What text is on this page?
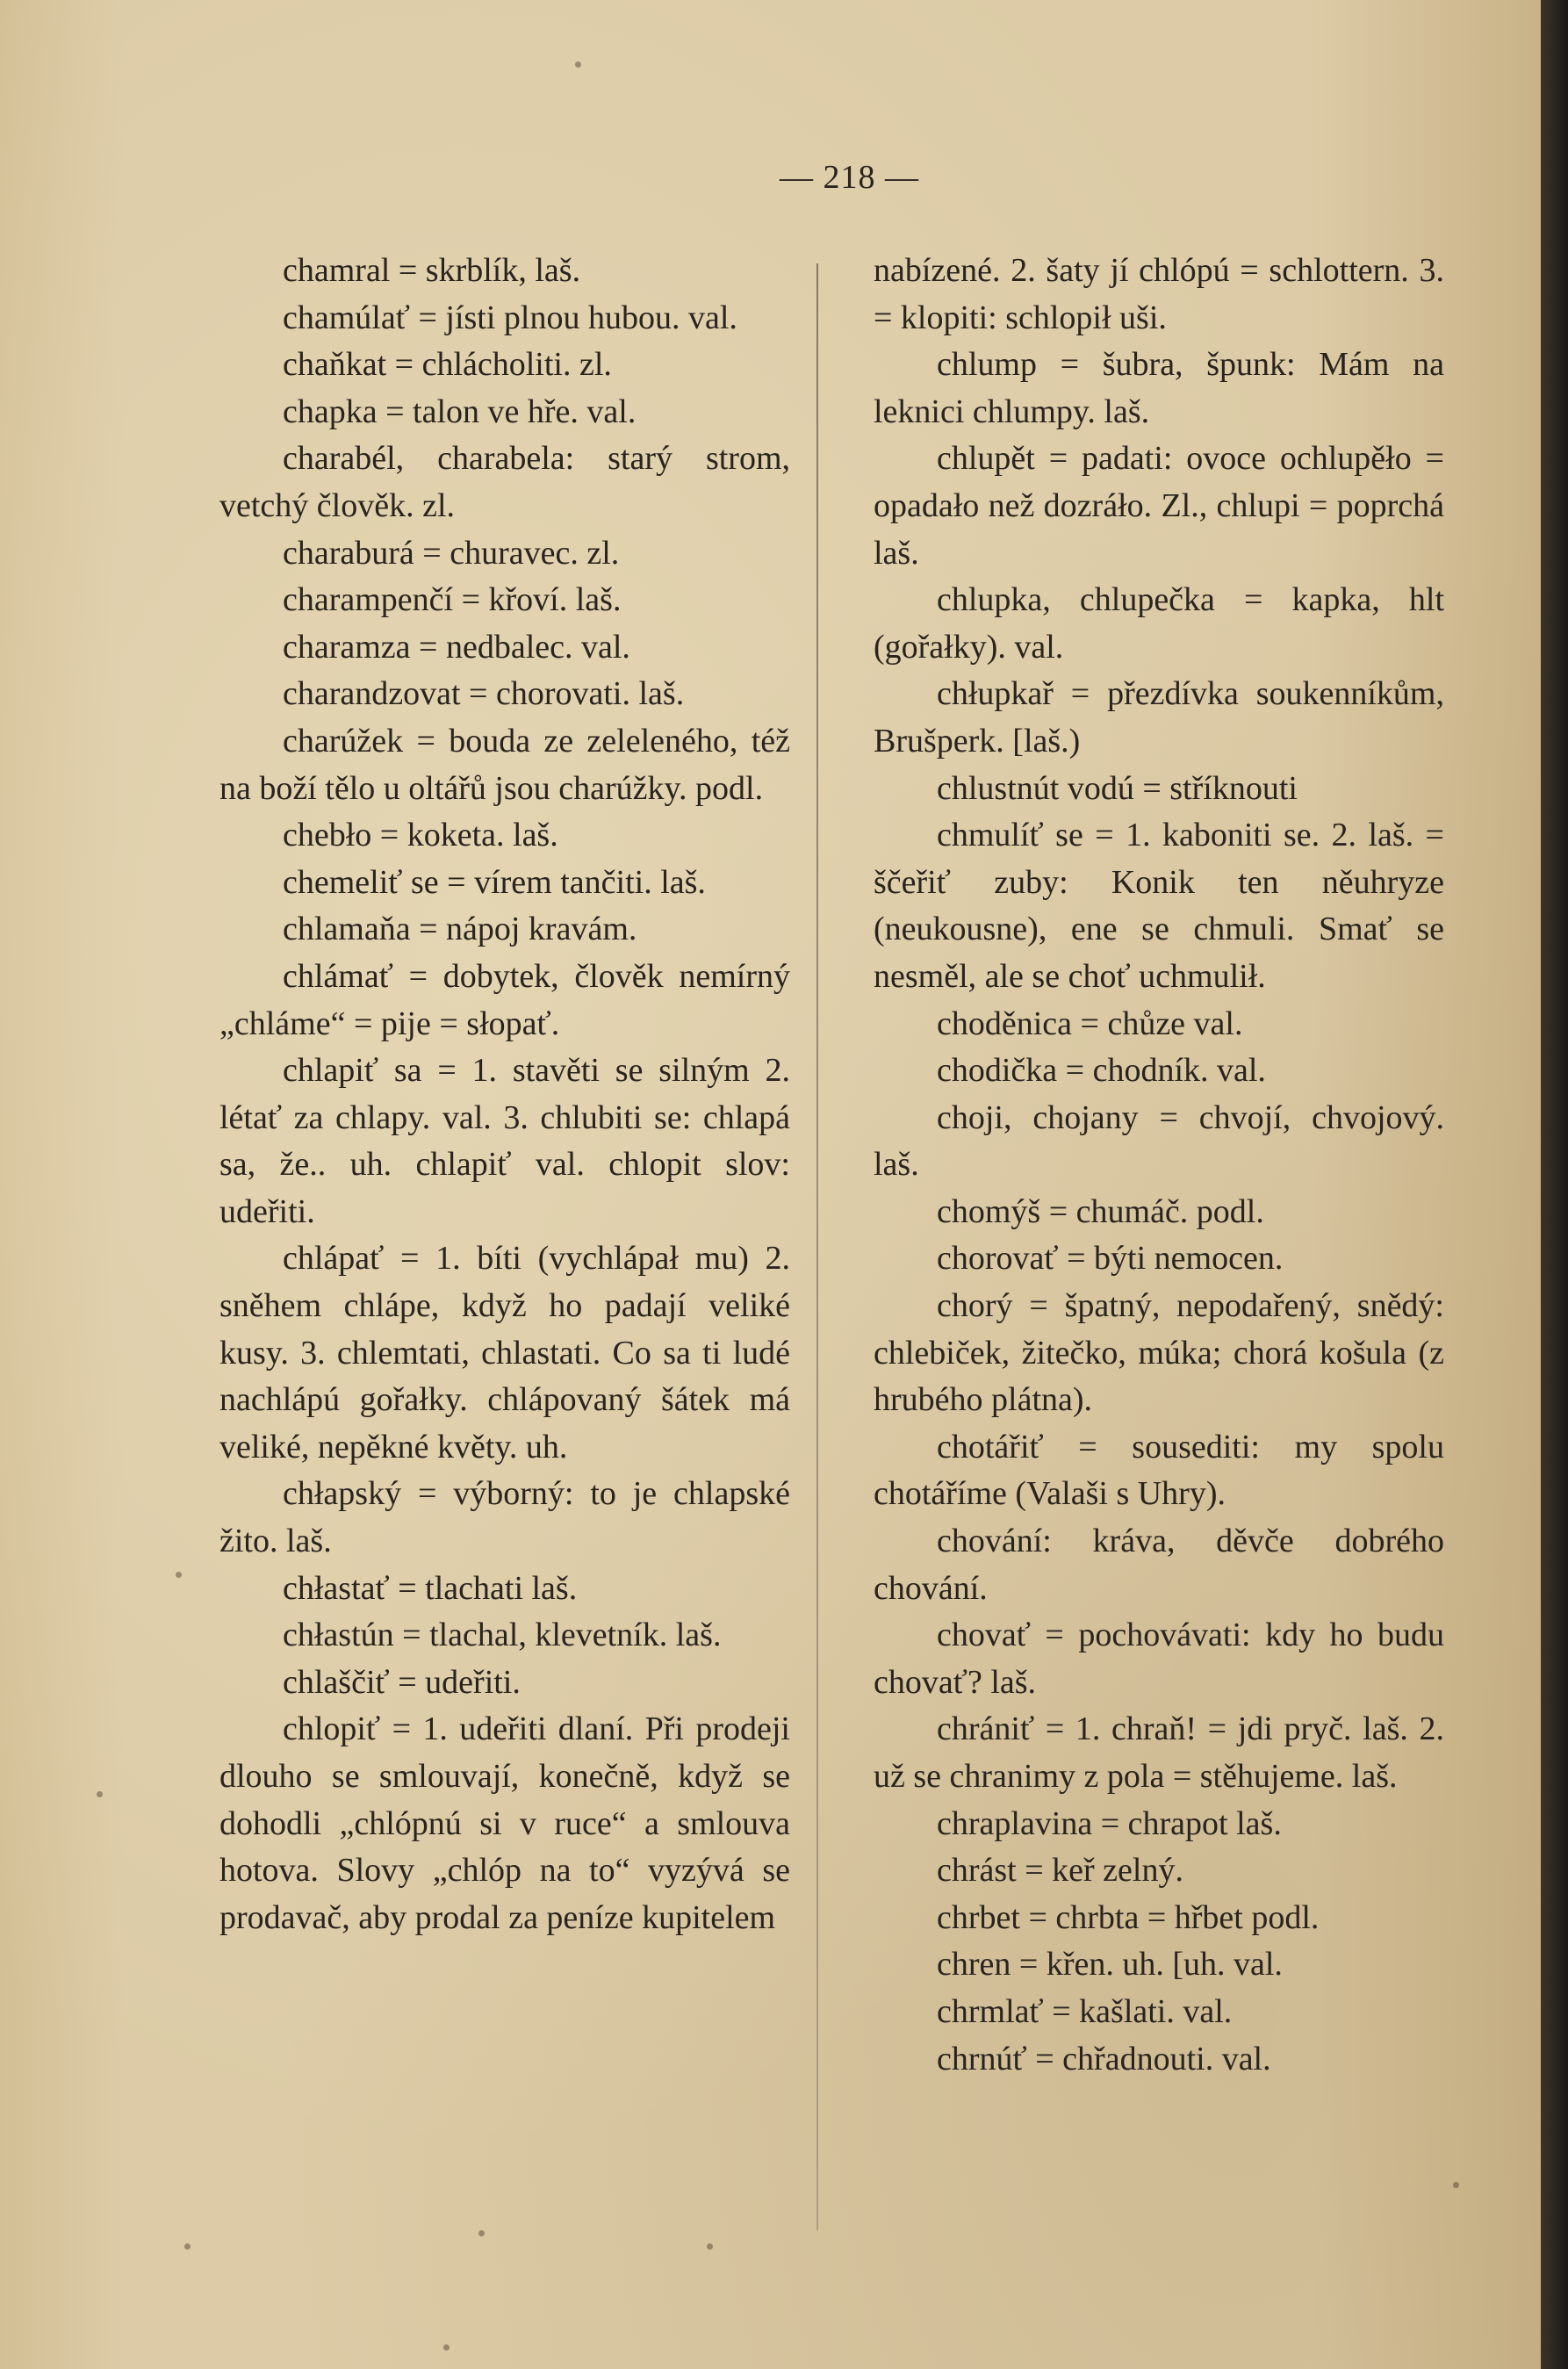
— 218 —

chamral = skrblík, laš.

chamúlať = jísti plnou hubou. val.

chaňkat = chlácholiti. zl.

chapka = talon ve hře. val.

charabél, charabela: starý strom, vetchý člověk. zl.

charaburá = churavec. zl.

charampenčí = křoví. laš.

charamza = nedbalec. val.

charandzovat = chorovati. laš.

charúžek = bouda ze zeleleného, též na boží tělo u oltářů jsou charúžky. podl.

chebło = koketa. laš.

chemeliť se = vírem tančiti. laš.

chlamaňa = nápoj kravám.

chlámať = dobytek, člověk nemírný „chláme“ = pije = słopať.

chlapiť sa = 1. stavěti se silným 2. létať za chlapy. val. 3. chlubiti se: chlapá sa, že.. uh. chlapiť val. chlopit slov: udeřiti.

chlápať = 1. bíti (vychlápał mu) 2. sněhem chlápe, když ho padají veliké kusy. 3. chlemtati, chlastati. Co sa ti ludé nachlápú gořałky. chlápovaný šátek má veliké, nepěkné květy. uh.

chłapský = výborný: to je chlapské žito. laš.

chłastať = tlachati laš.

chłastún = tlachal, klevetník. laš.

chlaščiť = udeřiti.

chlopiť = 1. udeřiti dlaní. Při prodeji dlouho se smlouvají, konečně, když se dohodli „chlópnú si v ruce“ a smlouva hotova. Slovy „chlóp na to“ vyzývá se prodavač, aby prodal za peníze kupitelem

nabízené. 2. šaty jí chlópú = schlottern. 3. = klopiti: schlopił uši.

chlump = šubra, špunk: Mám na leknici chlumpy. laš.

chlupět = padati: ovoce ochlupěło = opadało než dozráło. Zl., chlupi = poprchá laš.

chlupka, chlupečka = kapka, hlt (gořałky). val.

chłupkař = přezdívka soukenníkům, Brušperk. [laš.)

chlustnút vodú = stříknouti

chmulíť se = 1. kaboniti se. 2. laš. = ščeřiť zuby: Konik ten něuhryze (neukousne), ene se chmuli. Smať se nesměl, ale se choť uchmulił.

choděnica = chůze val.

chodička = chodník. val.

choji, chojany = chvojí, chvojový. laš.

chomýš = chumáč. podl.

chorovať = býti nemocen.

chorý = špatný, nepodařený, snědý: chlebiček, žitečko, múka; chorá košula (z hrubého plátna).

chotářiť = sousediti: my spolu chotáříme (Valaši s Uhry).

chování: kráva, děvče dobrého chování.

chovať = pochovávati: kdy ho budu chovať? laš.

chrániť = 1. chraň! = jdi pryč. laš. 2. už se chranimy z pola = stěhujeme. laš.

chraplavina = chrapot laš.

chrást = keř zelný.

chrbet = chrbta = hřbet podl.

chren = křen. uh. [uh. val.

chrmlať = kašlati. val.

chrnúť = chřadnouti. val.
